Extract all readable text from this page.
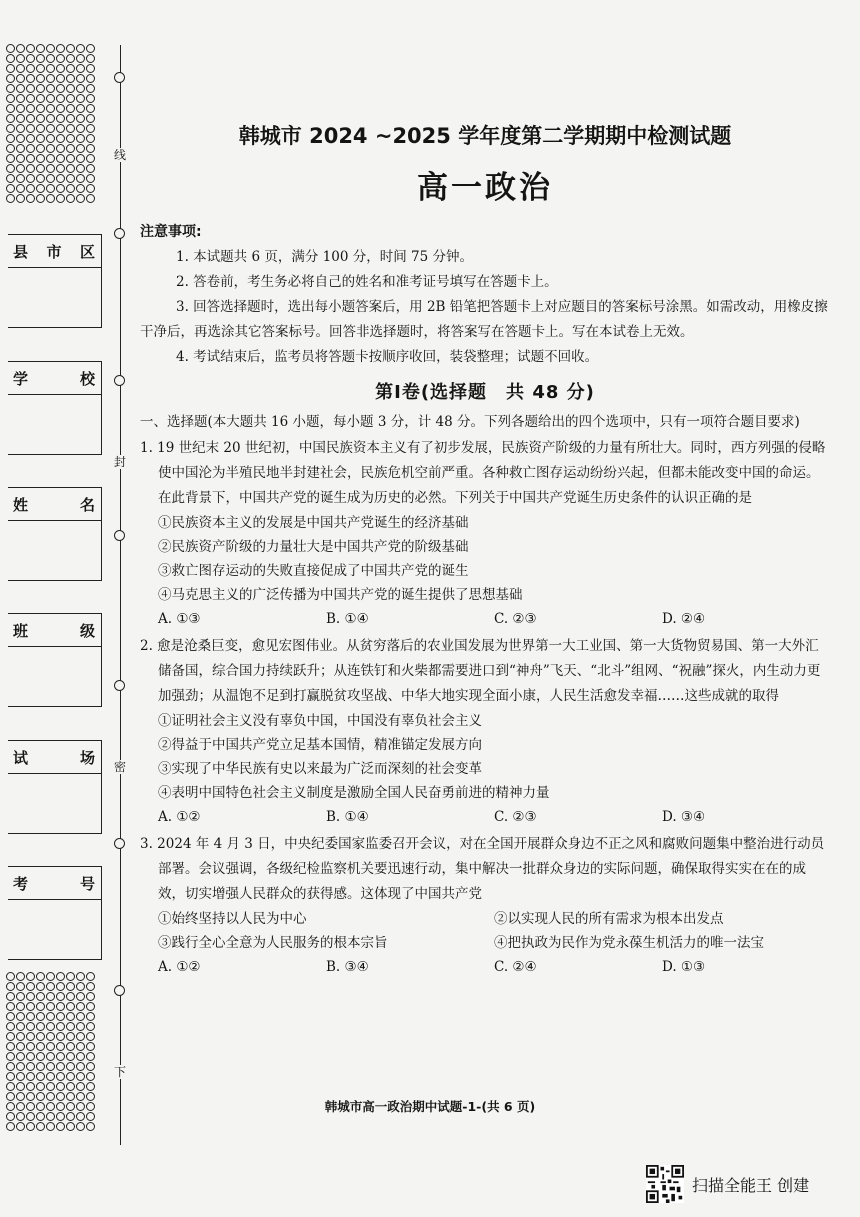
线
封
密
下
县 市 区
学	校
姓	名
班	级
试	场
考	号
韩城市 2024 ~2025 学年度第二学期期中检测试题
高一政治
注意事项:
1. 本试题共 6 页，满分 100 分，时间 75 分钟。
2. 答卷前，考生务必将自己的姓名和准考证号填写在答题卡上。
3. 回答选择题时，选出每小题答案后，用 2B 铅笔把答题卡上对应题目的答案标号涂黑。如需改动，用橡皮擦干净后，再选涂其它答案标号。回答非选择题时，将答案写在答题卡上。写在本试卷上无效。
4. 考试结束后，监考员将答题卡按顺序收回，装袋整理；试题不回收。
第Ⅰ卷(选择题　共 48 分)
一、选择题(本大题共 16 小题，每小题 3 分，计 48 分。下列各题给出的四个选项中，只有一项符合题目要求)
1. 19 世纪末 20 世纪初，中国民族资本主义有了初步发展，民族资产阶级的力量有所壮大。同时，西方列强的侵略使中国沦为半殖民地半封建社会，民族危机空前严重。各种救亡图存运动纷纷兴起，但都未能改变中国的命运。在此背景下，中国共产党的诞生成为历史的必然。下列关于中国共产党诞生历史条件的认识正确的是
①民族资本主义的发展是中国共产党诞生的经济基础
②民族资产阶级的力量壮大是中国共产党的阶级基础
③救亡图存运动的失败直接促成了中国共产党的诞生
④马克思主义的广泛传播为中国共产党的诞生提供了思想基础
A. ①③	B. ①④	C. ②③	D. ②④
2. 愈是沧桑巨变，愈见宏图伟业。从贫穷落后的农业国发展为世界第一大工业国、第一大货物贸易国、第一大外汇储备国，综合国力持续跃升；从连铁钉和火柴都需要进口到“神舟”飞天、“北斗”组网、“祝融”探火，内生动力更加强劲；从温饱不足到打赢脱贫攻坚战、中华大地实现全面小康，人民生活愈发幸福……这些成就的取得
①证明社会主义没有辜负中国，中国没有辜负社会主义
②得益于中国共产党立足基本国情，精准锚定发展方向
③实现了中华民族有史以来最为广泛而深刻的社会变革
④表明中国特色社会主义制度是激励全国人民奋勇前进的精神力量
A. ①②	B. ①④	C. ②③	D. ③④
3. 2024 年 4 月 3 日，中央纪委国家监委召开会议，对在全国开展群众身边不正之风和腐败问题集中整治进行动员部署。会议强调，各级纪检监察机关要迅速行动，集中解决一批群众身边的实际问题，确保取得实实在在的成效，切实增强人民群众的获得感。这体现了中国共产党
①始终坚持以人民为中心	②以实现人民的所有需求为根本出发点
③践行全心全意为人民服务的根本宗旨	④把执政为民作为党永葆生机活力的唯一法宝
A. ①②	B. ③④	C. ②④	D. ①③
韩城市高一政治期中试题-1-(共 6 页)
扫描全能王 创建
